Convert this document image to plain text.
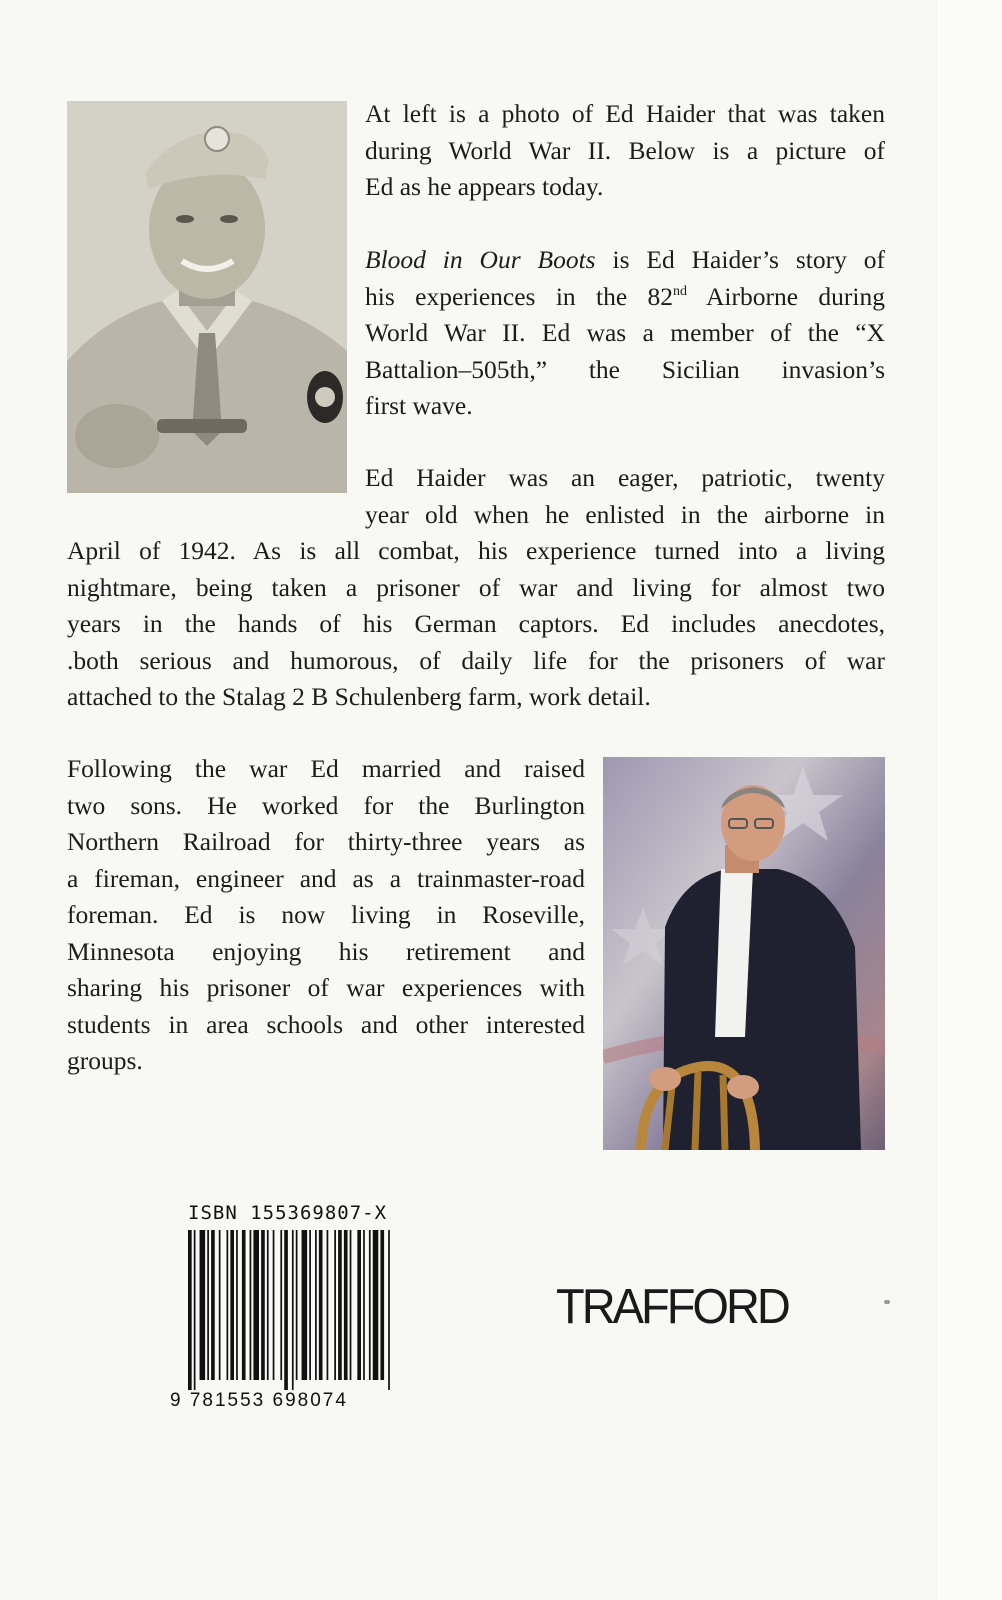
At left is a photo of Ed Haider that was taken
during World War II. Below is a picture of
Ed as he appears today.

Blood in Our Boots is Ed Haider’s story of
his experiences in the 82nd Airborne during
World War II. Ed was a member of the “X
Battalion–505th,” the Sicilian invasion’s
first wave.

Ed Haider was an eager, patriotic, twenty
year old when he enlisted in the airborne in

April of 1942. As is all combat, his experience turned into a living
nightmare, being taken a prisoner of war and living for almost two
years in the hands of his German captors. Ed includes anecdotes,
.both serious and humorous, of daily life for the prisoners of war
attached to the Stalag 2 B Schulenberg farm, work detail.

Following the war Ed married and raised
two sons. He worked for the Burlington
Northern Railroad for thirty-three years as
a fireman, engineer and as a trainmaster-road
foreman. Ed is now living in Roseville,
Minnesota enjoying his retirement and
sharing his prisoner of war experiences with
students in area schools and other interested
groups.

ISBN 155369807-X
9 781553 698074
TRAFFORD
